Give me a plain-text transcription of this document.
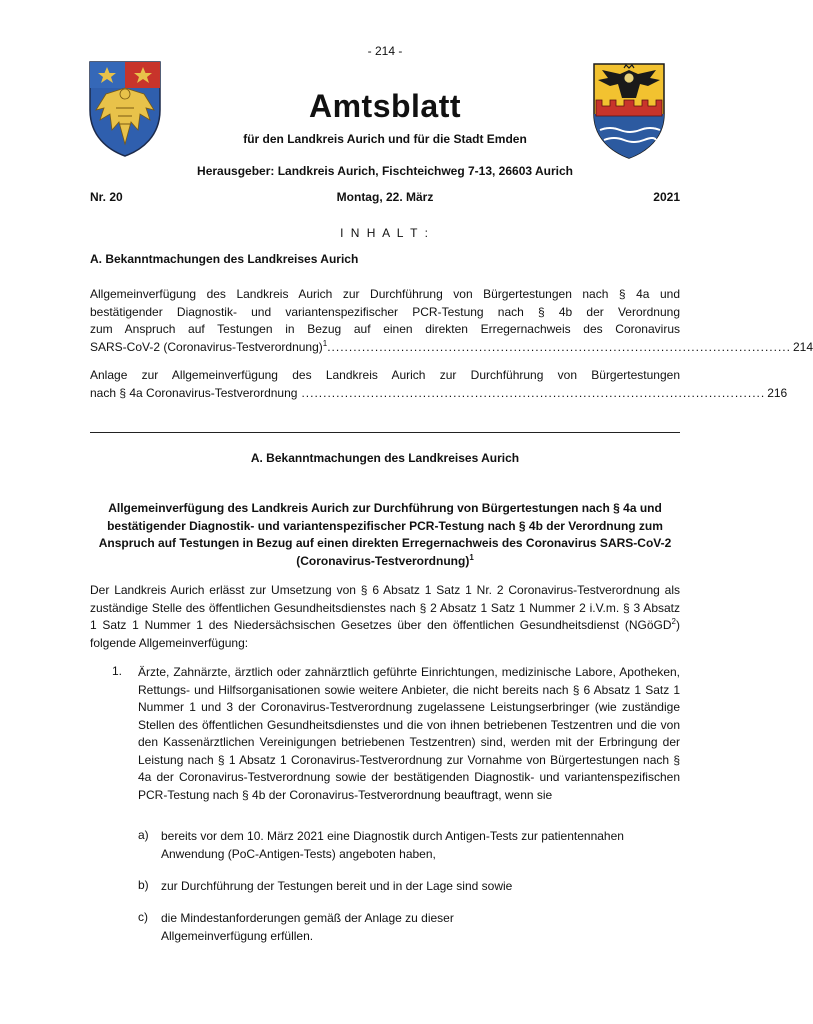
- 214 -
Amtsblatt
für den Landkreis Aurich und für die Stadt Emden
Herausgeber: Landkreis Aurich, Fischteichweg 7-13, 26603 Aurich
Nr. 20	Montag, 22. März	2021
I N H A L T :
A. Bekanntmachungen des Landkreises Aurich

Allgemeinverfügung des Landkreis Aurich zur Durchführung von Bürgertestungen nach § 4a und

bestätigender Diagnostik- und variantenspezifischer PCR-Testung nach § 4b der Verordnung

zum Anspruch auf Testungen in Bezug auf einen direkten Erregernachweis des Coronavirus

SARS-CoV-2 (Coronavirus-Testverordnung)$^1$ ........................................................................................................... 214

Anlage zur Allgemeinverfügung des Landkreis Aurich zur Durchführung von Bürgertestungen

nach § 4a Coronavirus-Testverordnung ........................................................................................................... 216
A. Bekanntmachungen des Landkreises Aurich
Allgemeinverfügung des Landkreis Aurich zur Durchführung von Bürgertestungen nach § 4a und
bestätigender Diagnostik- und variantenspezifischer PCR-Testung nach § 4b der Verordnung zum
Anspruch auf Testungen in Bezug auf einen direkten Erregernachweis des Coronavirus SARS-CoV-2
(Coronavirus-Testverordnung)$^1$

Der Landkreis Aurich erlässt zur Umsetzung von § 6 Absatz 1 Satz 1 Nr. 2 Coronavirus-Testverordnung als zuständige Stelle des öffentlichen Gesundheitsdienstes nach § 2 Absatz 1 Satz 1 Nummer 2 i.V.m. § 3 Absatz 1 Satz 1 Nummer 1 des Niedersächsischen Gesetzes über den öffentlichen Gesundheitsdienst (NGöGD$^2$) folgende Allgemeinverfügung:

1. Ärzte, Zahnärzte, ärztlich oder zahnärztlich geführte Einrichtungen, medizinische Labore, Apotheken, Rettungs- und Hilfsorganisationen sowie weitere Anbieter, die nicht bereits nach § 6 Absatz 1 Satz 1 Nummer 1 und 3 der Coronavirus-Testverordnung zugelassene Leistungserbringer (wie zuständige Stellen des öffentlichen Gesundheitsdienstes und die von ihnen betriebenen Testzentren und die von den Kassenärztlichen Vereinigungen betriebenen Testzentren) sind, werden mit der Erbringung der Leistung nach § 1 Absatz 1 Coronavirus-Testverordnung zur Vornahme von Bürgertestungen nach § 4a der Coronavirus-Testverordnung sowie der bestätigenden Diagnostik- und variantenspezifischen PCR-Testung nach § 4b der Coronavirus-Testverordnung beauftragt, wenn sie

a) bereits vor dem 10. März 2021 eine Diagnostik durch Antigen-Tests zur patientennahen
Anwendung (PoC-Antigen-Tests) angeboten haben,
b) zur Durchführung der Testungen bereit und in der Lage sind sowie
c) die Mindestanforderungen gemäß der Anlage zu dieser
Allgemeinverfügung erfüllen.
